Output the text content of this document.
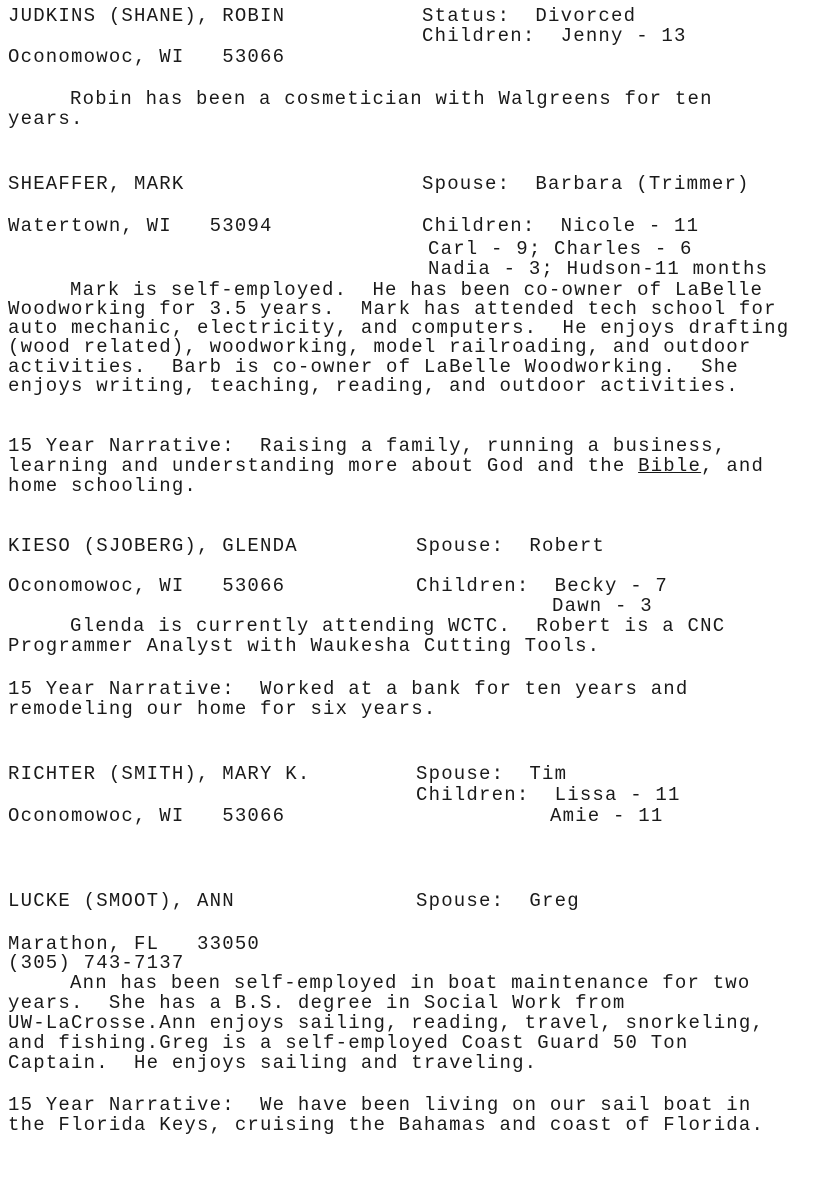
JUDKINS (SHANE), ROBIN	Status:  Divorced
Children:  Jenny - 13
Oconomowoc, WI   53066
Robin has been a cosmetician with Walgreens for ten
years.
SHEAFFER, MARK	Spouse:  Barbara (Trimmer)
Watertown, WI   53094	Children:  Nicole - 11
Carl - 9; Charles - 6
Nadia - 3; Hudson-11 months
Mark is self-employed.  He has been co-owner of LaBelle
Woodworking for 3.5 years.  Mark has attended tech school for
auto mechanic, electricity, and computers.  He enjoys drafting
(wood related), woodworking, model railroading, and outdoor
activities.  Barb is co-owner of LaBelle Woodworking.  She
enjoys writing, teaching, reading, and outdoor activities.
15 Year Narrative:  Raising a family, running a business,
learning and understanding more about God and the Bible, and
home schooling.
KIESO (SJOBERG), GLENDA	Spouse:  Robert
Oconomowoc, WI   53066	Children:  Becky - 7
Dawn - 3
Glenda is currently attending WCTC.  Robert is a CNC
Programmer Analyst with Waukesha Cutting Tools.
15 Year Narrative:  Worked at a bank for ten years and
remodeling our home for six years.
RICHTER (SMITH), MARY K.	Spouse:  Tim
Children:  Lissa - 11
Oconomowoc, WI   53066	Amie - 11
LUCKE (SMOOT), ANN	Spouse:  Greg
Marathon, FL   33050
(305) 743-7137
Ann has been self-employed in boat maintenance for two
years.  She has a B.S. degree in Social Work from
UW-LaCrosse.Ann enjoys sailing, reading, travel, snorkeling,
and fishing.Greg is a self-employed Coast Guard 50 Ton
Captain.  He enjoys sailing and traveling.
15 Year Narrative:  We have been living on our sail boat in
the Florida Keys, cruising the Bahamas and coast of Florida.
